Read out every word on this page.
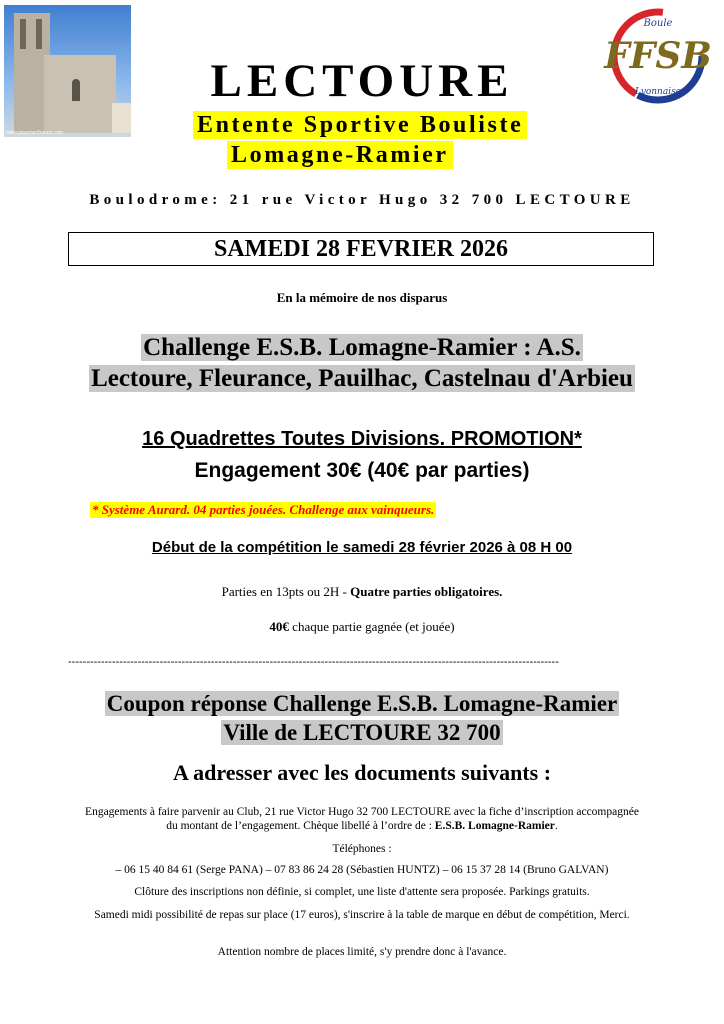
www.paysmerifrance.com
Boule
FFSB
Lyonnaise
LECTOURE
Entente Sportive Bouliste
Lomagne-Ramier
Boulodrome: 21 rue Victor Hugo 32 700 LECTOURE
SAMEDI 28 FEVRIER 2026
En la mémoire de nos disparus
Challenge E.S.B. Lomagne-Ramier : A.S.
Lectoure, Fleurance, Pauilhac, Castelnau d'Arbieu
16 Quadrettes Toutes Divisions. PROMOTION*
Engagement 30€ (40€ par parties)
* Système Aurard. 04 parties jouées. Challenge aux vainqueurs.
Début de la compétition le samedi 28 février 2026 à 08 H 00
Parties en 13pts ou 2H - Quatre parties obligatoires.
40€ chaque partie gagnée (et jouée)
--------------------------------------------------------------------------------------------------------------------------------------
Coupon réponse Challenge E.S.B. Lomagne-Ramier
Ville de LECTOURE 32 700
A adresser avec les documents suivants :
Engagements à faire parvenir au Club, 21 rue Victor Hugo 32 700 LECTOURE avec la fiche d’inscription accompagnée du montant de l’engagement. Chèque libellé à l’ordre de : E.S.B. Lomagne-Ramier.
Téléphones :
– 06 15 40 84 61 (Serge PANA) – 07 83 86 24 28 (Sébastien HUNTZ) – 06 15 37 28 14 (Bruno GALVAN)
Clôture des inscriptions non définie, si complet, une liste d'attente sera proposée. Parkings gratuits.
Samedi midi possibilité de repas sur place (17 euros), s'inscrire à la table de marque en début de compétition, Merci.
Attention nombre de places limité, s'y prendre donc à l'avance.
